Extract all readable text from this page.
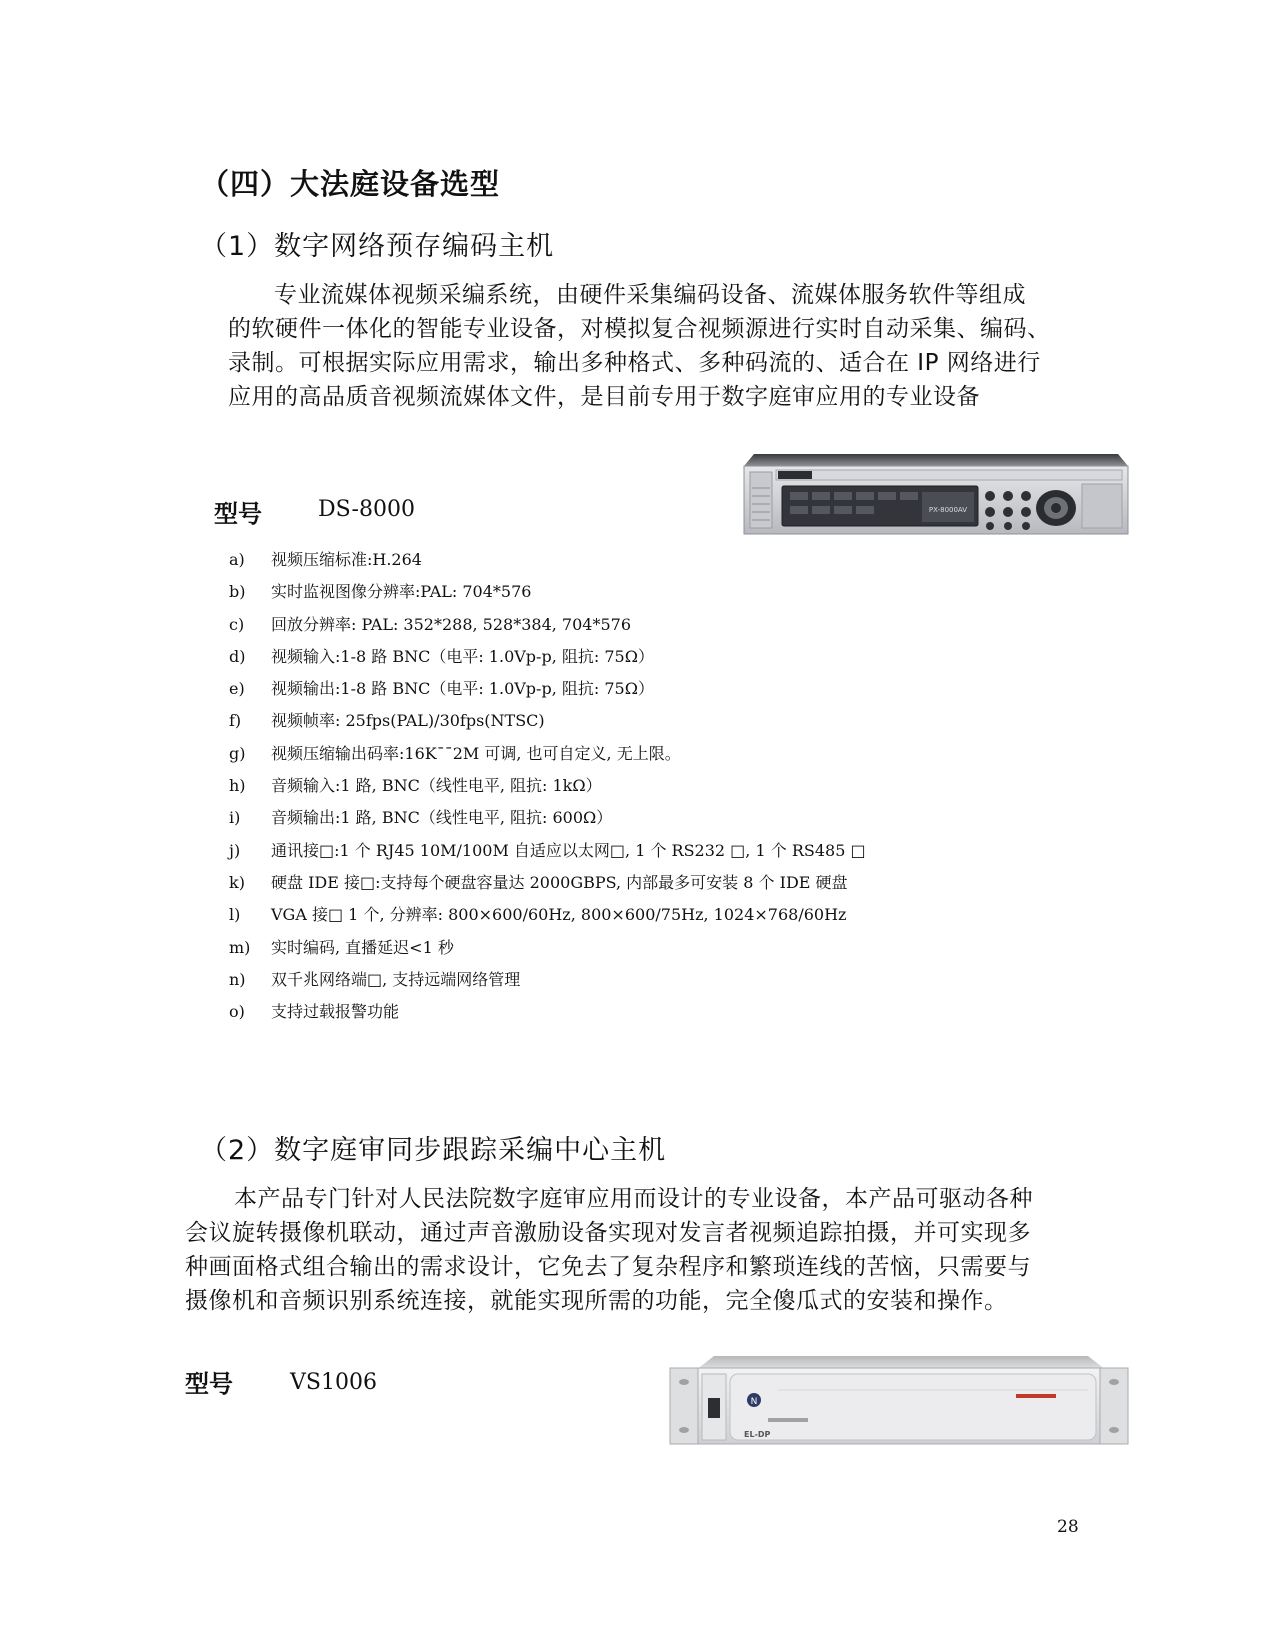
（四）大法庭设备选型
（1）数字网络预存编码主机
专业流媒体视频采编系统，由硬件采集编码设备、流媒体服务软件等组成
的软硬件一体化的智能专业设备，对模拟复合视频源进行实时自动采集、编码、
录制。可根据实际应用需求，输出多种格式、多种码流的、适合在 IP 网络进行
应用的高品质音视频流媒体文件，是目前专用于数字庭审应用的专业设备
型号	DS-8000	PX-8000AV
a) 视频压缩标准:H.264
b) 实时监视图像分辨率:PAL: 704*576
c) 回放分辨率: PAL: 352*288, 528*384, 704*576
d) 视频输入:1-8 路 BNC（电平: 1.0Vp-p, 阻抗: 75Ω）
e) 视频输出:1-8 路 BNC（电平: 1.0Vp-p, 阻抗: 75Ω）
f) 视频帧率: 25fps(PAL)/30fps(NTSC)
g) 视频压缩输出码率:16K¯¯2M 可调, 也可自定义, 无上限。
h) 音频输入:1 路, BNC（线性电平, 阻抗: 1kΩ）
i) 音频输出:1 路, BNC（线性电平, 阻抗: 600Ω）
j) 通讯接□:1 个 RJ45 10M/100M 自适应以太网□, 1 个 RS232 □, 1 个 RS485 □
k) 硬盘 IDE 接□:支持每个硬盘容量达 2000GBPS, 内部最多可安装 8 个 IDE 硬盘
l) VGA 接□ 1 个, 分辨率: 800×600/60Hz, 800×600/75Hz, 1024×768/60Hz
m) 实时编码, 直播延迟<1 秒
n) 双千兆网络端□, 支持远端网络管理
o) 支持过载报警功能
（2）数字庭审同步跟踪采编中心主机
本产品专门针对人民法院数字庭审应用而设计的专业设备，本产品可驱动各种
会议旋转摄像机联动，通过声音激励设备实现对发言者视频追踪拍摄，并可实现多
种画面格式组合输出的需求设计，它免去了复杂程序和繁琐连线的苦恼，只需要与
摄像机和音频识别系统连接，就能实现所需的功能，完全傻瓜式的安装和操作。
型号	VS1006
N
EL-DP
28
